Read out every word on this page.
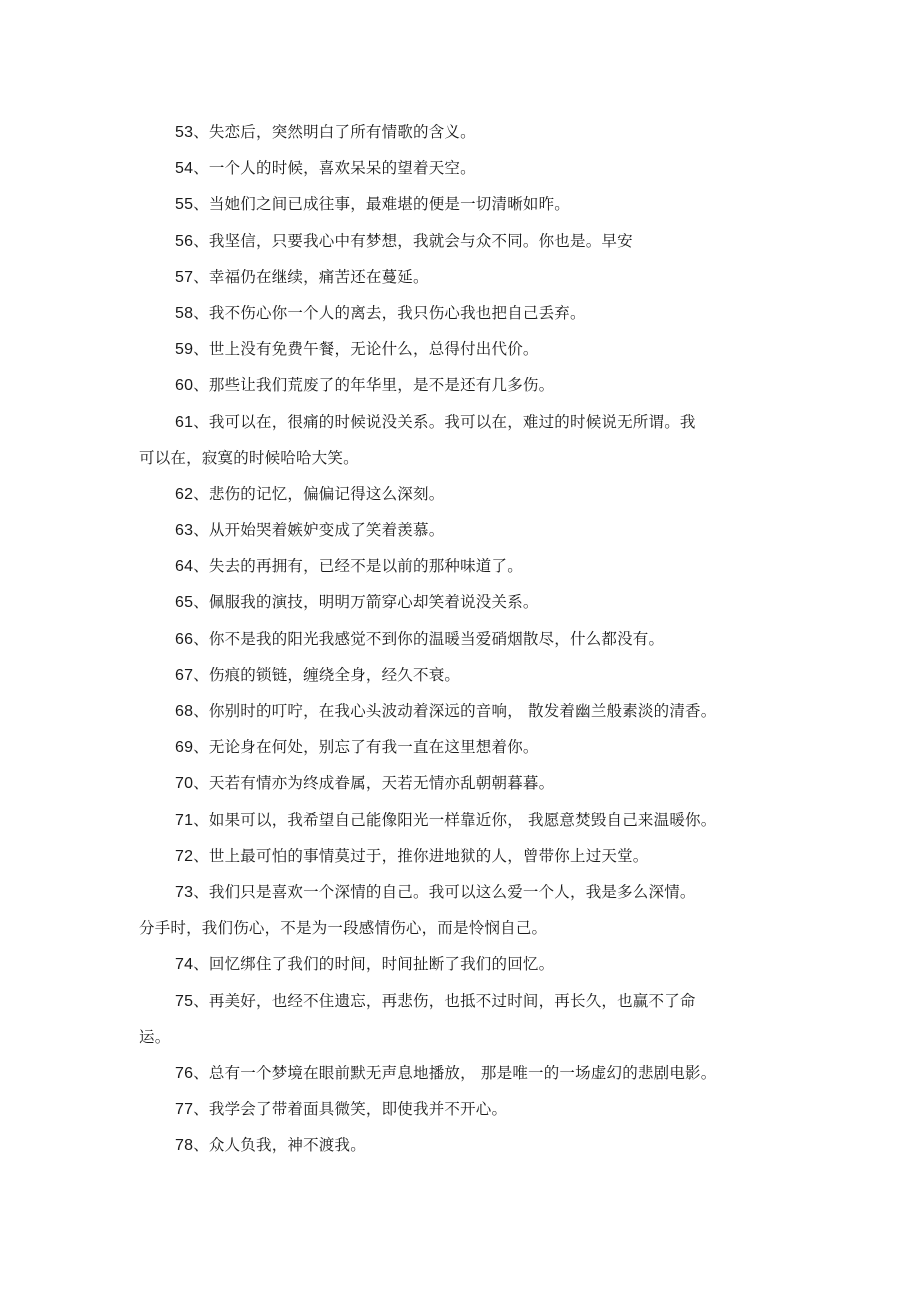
53、失恋后，突然明白了所有情歌的含义。
54、一个人的时候，喜欢呆呆的望着天空。
55、当她们之间已成往事，最难堪的便是一切清晰如昨。
56、我坚信，只要我心中有梦想，我就会与众不同。你也是。早安
57、幸福仍在继续，痛苦还在蔓延。
58、我不伤心你一个人的离去，我只伤心我也把自己丢弃。
59、世上没有免费午餐，无论什么，总得付出代价。
60、那些让我们荒废了的年华里，是不是还有几多伤。
61、我可以在，很痛的时候说没关系。我可以在，难过的时候说无所谓。我
可以在，寂寞的时候哈哈大笑。
62、悲伤的记忆，偏偏记得这么深刻。
63、从开始哭着嫉妒变成了笑着羡慕。
64、失去的再拥有，已经不是以前的那种味道了。
65、佩服我的演技，明明万箭穿心却笑着说没关系。
66、你不是我的阳光我感觉不到你的温暖当爱硝烟散尽，什么都没有。
67、伤痕的锁链，缠绕全身，经久不衰。
68、你别时的叮咛，在我心头波动着深远的音响， 散发着幽兰般素淡的清香。
69、无论身在何处，别忘了有我一直在这里想着你。
70、天若有情亦为终成眷属，天若无情亦乱朝朝暮暮。
71、如果可以，我希望自己能像阳光一样靠近你， 我愿意焚毁自己来温暖你。
72、世上最可怕的事情莫过于，推你进地狱的人，曾带你上过天堂。
73、我们只是喜欢一个深情的自己。我可以这么爱一个人，我是多么深情。
分手时，我们伤心，不是为一段感情伤心，而是怜悯自己。
74、回忆绑住了我们的时间，时间扯断了我们的回忆。
75、再美好，也经不住遗忘，再悲伤，也抵不过时间，再长久，也赢不了命
运。
76、总有一个梦境在眼前默无声息地播放， 那是唯一的一场虚幻的悲剧电影。
77、我学会了带着面具微笑，即使我并不开心。
78、众人负我，神不渡我。
